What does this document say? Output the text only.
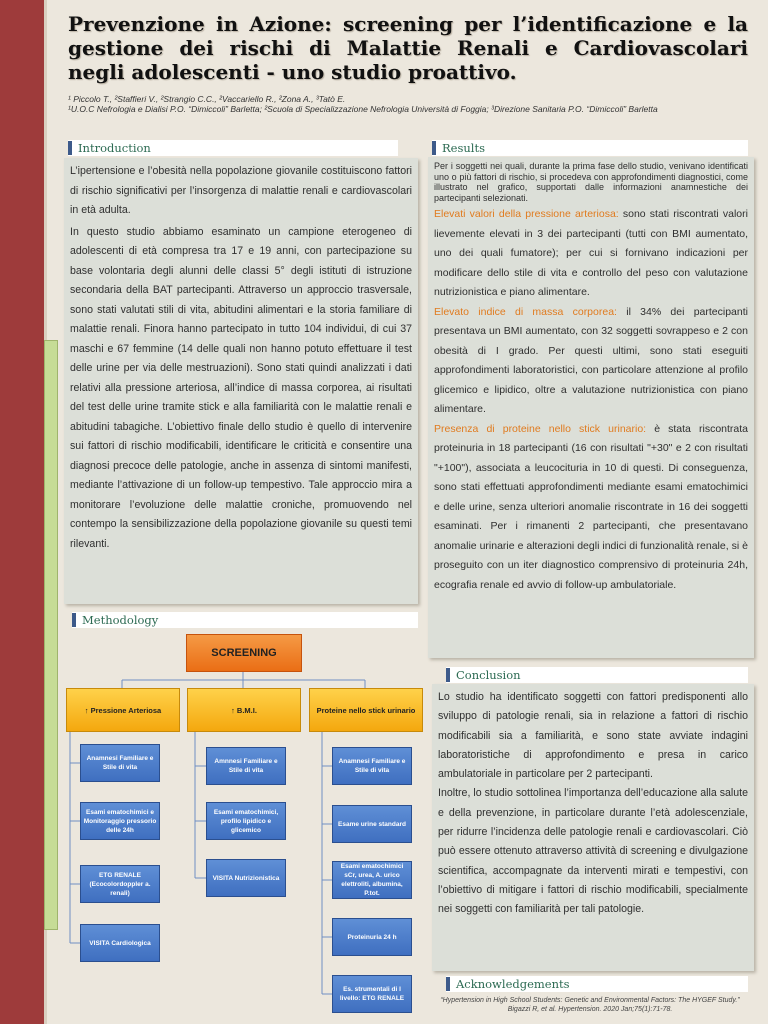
Prevenzione in Azione: screening per l’identificazione e la gestione dei rischi di Malattie Renali e Cardiovascolari negli adolescenti - uno studio proattivo.
¹ Piccolo T., ²Staffieri V., ²Strangio C.C., ²Vaccariello R., ²Zona A., ³Tatò E.
¹U.O.C Nefrologia e Dialisi P.O. “Dimiccoli” Barletta; ²Scuola di Specializzazione Nefrologia Università di Foggia; ³Direzione Sanitaria P.O. “Dimiccoli” Barletta
Introduction

L’ipertensione e l’obesità nella popolazione giovanile costituiscono fattori di rischio significativi per l’insorgenza di malattie renali e cardiovascolari in età adulta.

In questo studio abbiamo esaminato un campione eterogeneo di adolescenti di età compresa tra 17 e 19 anni, con partecipazione su base volontaria degli alunni delle classi 5° degli istituti di istruzione secondaria della BAT partecipanti. Attraverso un approccio trasversale, sono stati valutati stili di vita, abitudini alimentari e la storia familiare di malattie renali. Finora hanno partecipato in tutto 104 individui, di cui 37 maschi e 67 femmine (14 delle quali non hanno potuto effettuare il test delle urine per via delle mestruazioni). Sono stati quindi analizzati i dati relativi alla pressione arteriosa, all’indice di massa corporea, ai risultati del test delle urine tramite stick e alla familiarità con le malattie renali e abitudini tabagiche. L’obiettivo finale dello studio è quello di intervenire sui fattori di rischio modificabili, identificare le criticità e consentire una diagnosi precoce delle patologie, anche in assenza di sintomi manifesti, mediante l’attivazione di un follow-up tempestivo. Tale approccio mira a monitorare l’evoluzione delle malattie croniche, promuovendo nel contempo la sensibilizzazione della popolazione giovanile su questi temi rilevanti.

Methodology
SCREENING
↑ Pressione Arteriosa	↑ B.M.I.	Proteine nello stick urinario
Anamnesi Familiare e Stile di vita
Esami ematochimici e Monitoraggio pressorio delle 24h
ETG RENALE (Ecocolordoppler a. renali)
VISITA Cardiologica
Amnnesi Familiare e Stile di vita
Esami ematochimici, profilo lipidico e glicemico
VISITA Nutrizionistica
Anamnesi Familiare e Stile di vita
Esame urine standard
Esami ematochimici sCr, urea, A. urico elettroliti, albumina, P.tot.
Proteinuria 24 h
Es. strumentali di I livello: ETG RENALE
Results
Per i soggetti nei quali, durante la prima fase dello studio, venivano identificati uno o più fattori di rischio, si procedeva con approfondimenti diagnostici, come illustrato nel grafico, supportati dalle informazioni anamnestiche dei partecipanti selezionati.

Elevati valori della pressione arteriosa: sono stati riscontrati valori lievemente elevati in 3 dei partecipanti (tutti con BMI aumentato, uno dei quali fumatore); per cui si fornivano indicazioni per modificare dello stile di vita e controllo del peso con valutazione nutrizionistica e piano alimentare.

Elevato indice di massa corporea: il 34% dei partecipanti presentava un BMI aumentato, con 32 soggetti sovrappeso e 2 con obesità di I grado. Per questi ultimi, sono stati eseguiti approfondimenti laboratoristici, con particolare attenzione al profilo glicemico e lipidico, oltre a valutazione nutrizionistica con piano alimentare.

Presenza di proteine nello stick urinario: è stata riscontrata proteinuria in 18 partecipanti (16 con risultati "+30" e 2 con risultati "+100"), associata a leucocituria in 10 di questi. Di conseguenza, sono stati effettuati approfondimenti mediante esami ematochimici e delle urine, senza ulteriori anomalie riscontrate in 16 dei soggetti esaminati. Per i rimanenti 2 partecipanti, che presentavano anomalie urinarie e alterazioni degli indici di funzionalità renale, si è proseguito con un iter diagnostico comprensivo di proteinuria 24h, ecografia renale ed avvio di follow-up ambulatoriale.

Conclusion

Lo studio ha identificato soggetti con fattori predisponenti allo sviluppo di patologie renali, sia in relazione a fattori di rischio modificabili sia a familiarità, e sono state avviate indagini laboratoristiche di approfondimento e presa in carico ambulatoriale in particolare per 2 partecipanti.

Inoltre, lo studio sottolinea l’importanza dell’educazione alla salute e della prevenzione, in particolare durante l’età adolescenziale, per ridurre l’incidenza delle patologie renali e cardiovascolari. Ciò può essere ottenuto attraverso attività di screening e divulgazione scientifica, accompagnate da interventi mirati e tempestivi, con l’obiettivo di mitigare i fattori di rischio modificabili, specialmente nei soggetti con familiarità per tali patologie.

Acknowledgements
“Hypertension in High School Students: Genetic and Environmental Factors: The HYGEF Study.” Bigazzi R, et al. Hypertension. 2020 Jan;75(1):71-78.
